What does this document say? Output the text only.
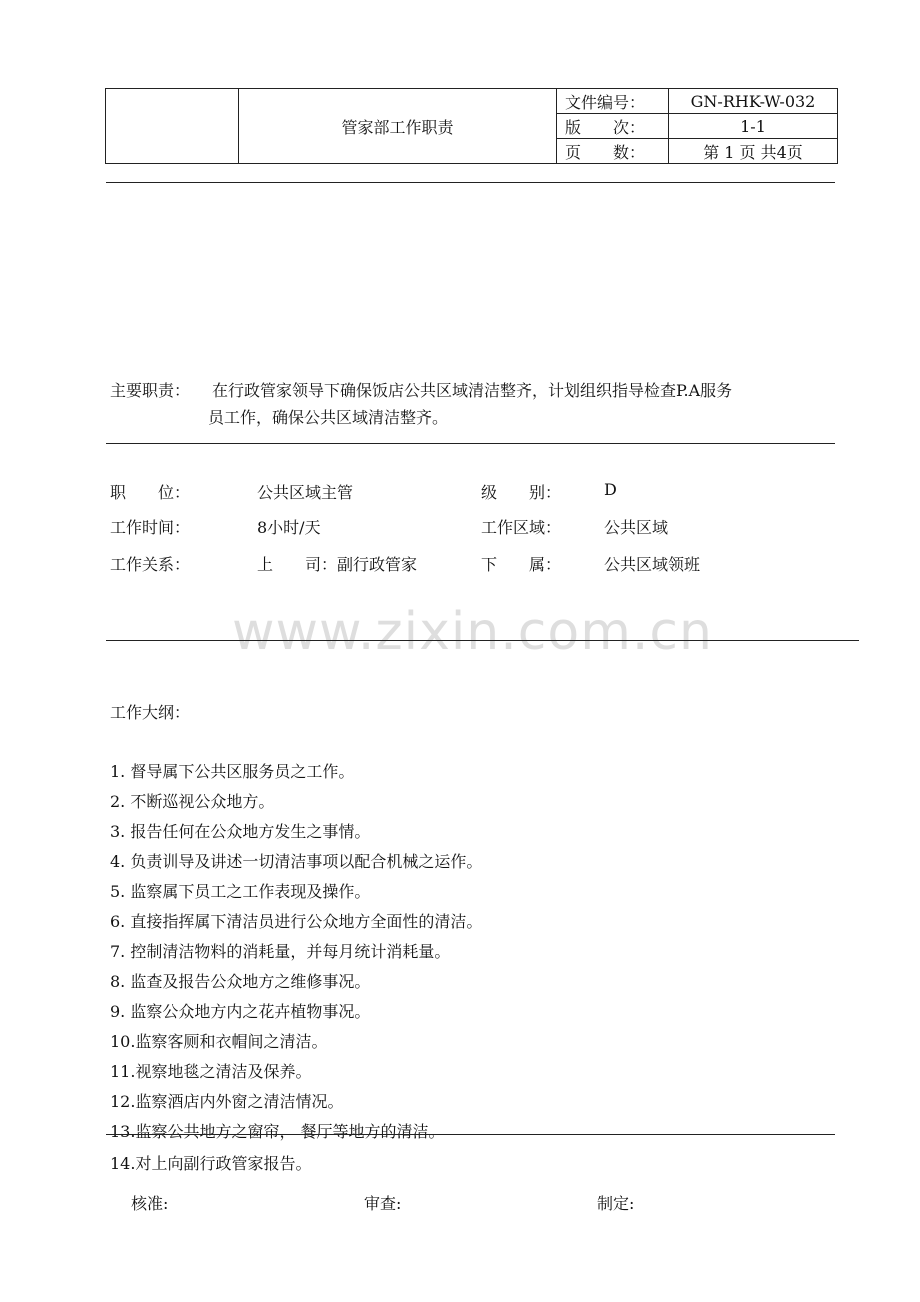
	管家部工作职责	文件编号：	GN-RHK-W-032
		版　　次：	1-1
		页　　数：	第 1 页 共4页
主要职责： 在行政管家领导下确保饭店公共区域清洁整齐，计划组织指导检查P.A服务
员工作，确保公共区域清洁整齐。
职　　位：	公共区域主管	级　　别：	D
工作时间：	8小时/天	工作区域：	公共区域
工作关系：	上　　司：副行政管家	下　　属：	公共区域领班
www.zixin.com.cn
工作大纲：
1. 督导属下公共区服务员之工作。
2. 不断巡视公众地方。
3. 报告任何在公众地方发生之事情。
4. 负责训导及讲述一切清洁事项以配合机械之运作。
5. 监察属下员工之工作表现及操作。
6. 直接指挥属下清洁员进行公众地方全面性的清洁。
7. 控制清洁物料的消耗量，并每月统计消耗量。
8. 监查及报告公众地方之维修事况。
9. 监察公众地方内之花卉植物事况。
10.监察客厕和衣帽间之清洁。
11.视察地毯之清洁及保养。
12.监察酒店内外窗之清洁情况。
13.监察公共地方之窗帘， 餐厅等地方的清洁。
14.对上向副行政管家报告。
核准:	审查:	制定:
